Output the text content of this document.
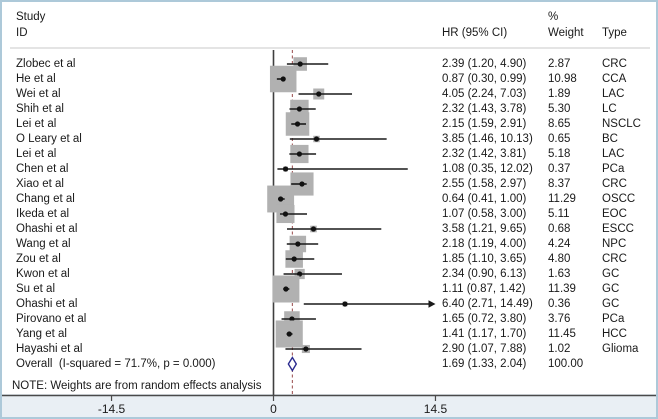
Study
ID
%
HR (95% CI)	Weight Type
Zlobec et al	2.39 (1.20, 4.90) 2.87	CRC
He et al	0.87 (0.30, 0.99) 10.98 CCA
Wei et al	4.05 (2.24, 7.03) 1.89	LAC
Shih et al	2.32 (1.43, 3.78) 5.30	LC
Lei et al	2.15 (1.59, 2.91) 8.65	NSCLC
O Leary et al	3.85 (1.46, 10.13) 0.65	BC
Lei et al	2.32 (1.42, 3.81) 5.18	LAC
Chen et al	1.08 (0.35, 12.02) 0.37	PCa
Xiao et al	2.55 (1.58, 2.97) 8.37	CRC
Chang et al	0.64 (0.41, 1.00) 11.29 OSCC
Ikeda et al	1.07 (0.58, 3.00) 5.11	EOC
Ohashi et al	3.58 (1.21, 9.65) 0.68	ESCC
Wang et al	2.18 (1.19, 4.00) 4.24	NPC
Zou et al	1.85 (1.10, 3.65) 4.80	CRC
Kwon et al	2.34 (0.90, 6.13) 1.63	GC
Su et al	1.11 (0.87, 1.42) 11.39 GC
Ohashi et al	6.40 (2.71, 14.49) 0.36	GC
Pirovano et al	1.65 (0.72, 3.80) 3.76	PCa
Yang et al	1.41 (1.17, 1.70) 11.45 HCC
Hayashi et al	2.90 (1.07, 7.88) 1.02	Glioma
Overall  (I-squared = 71.7%, p = 0.000)	1.69 (1.33, 2.04) 100.00
NOTE: Weights are from random effects analysis
-14.5	0	14.5
